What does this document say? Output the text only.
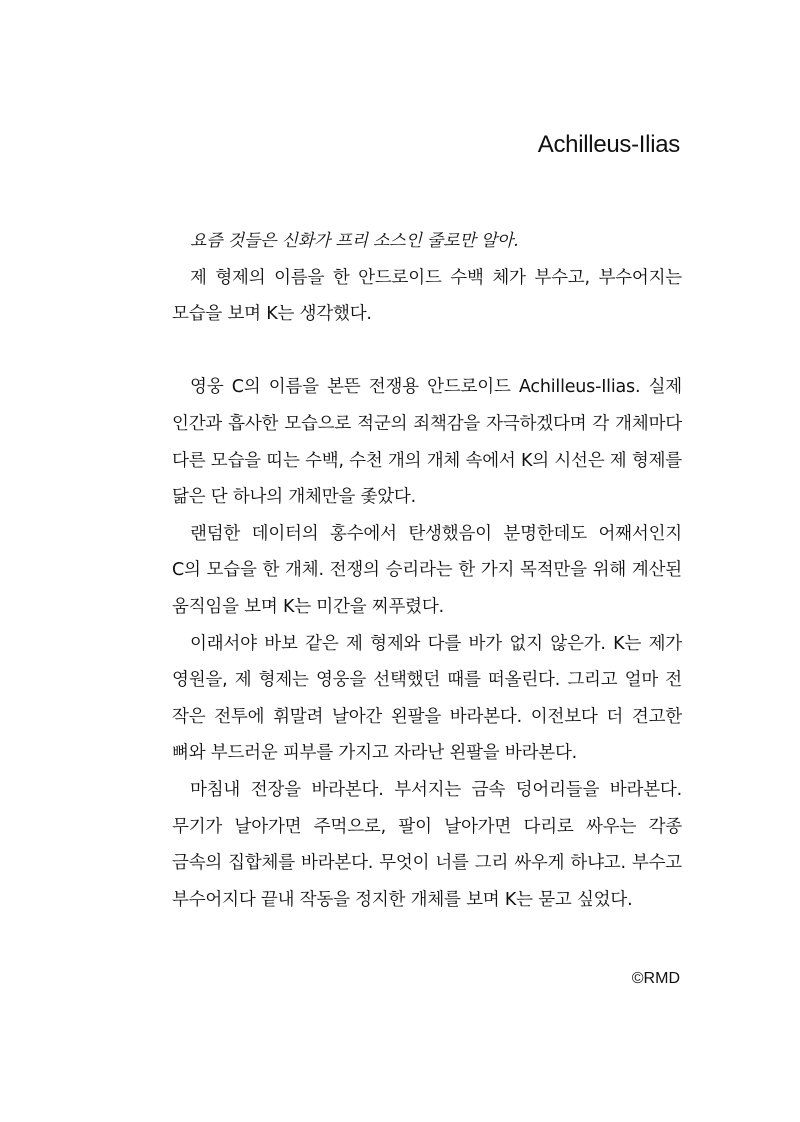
Achilleus-Ilias

요즘 것들은 신화가 프리 소스인 줄로만 알아.

제 형제의 이름을 한 안드로이드 수백 체가 부수고, 부수어지는 모습을 보며 K는 생각했다.

영웅 C의 이름을 본뜬 전쟁용 안드로이드 Achilleus-Ilias. 실제 인간과 흡사한 모습으로 적군의 죄책감을 자극하겠다며 각 개체마다 다른 모습을 띠는 수백, 수천 개의 개체 속에서 K의 시선은 제 형제를 닮은 단 하나의 개체만을 좇았다.

랜덤한 데이터의 홍수에서 탄생했음이 분명한데도 어째서인지 C의 모습을 한 개체. 전쟁의 승리라는 한 가지 목적만을 위해 계산된 움직임을 보며 K는 미간을 찌푸렸다.

이래서야 바보 같은 제 형제와 다를 바가 없지 않은가. K는 제가 영원을, 제 형제는 영웅을 선택했던 때를 떠올린다. 그리고 얼마 전 작은 전투에 휘말려 날아간 왼팔을 바라본다. 이전보다 더 견고한 뼈와 부드러운 피부를 가지고 자라난 왼팔을 바라본다.

마침내 전장을 바라본다. 부서지는 금속 덩어리들을 바라본다. 무기가 날아가면 주먹으로, 팔이 날아가면 다리로 싸우는 각종 금속의 집합체를 바라본다. 무엇이 너를 그리 싸우게 하냐고. 부수고 부수어지다 끝내 작동을 정지한 개체를 보며 K는 묻고 싶었다.

©RMD
